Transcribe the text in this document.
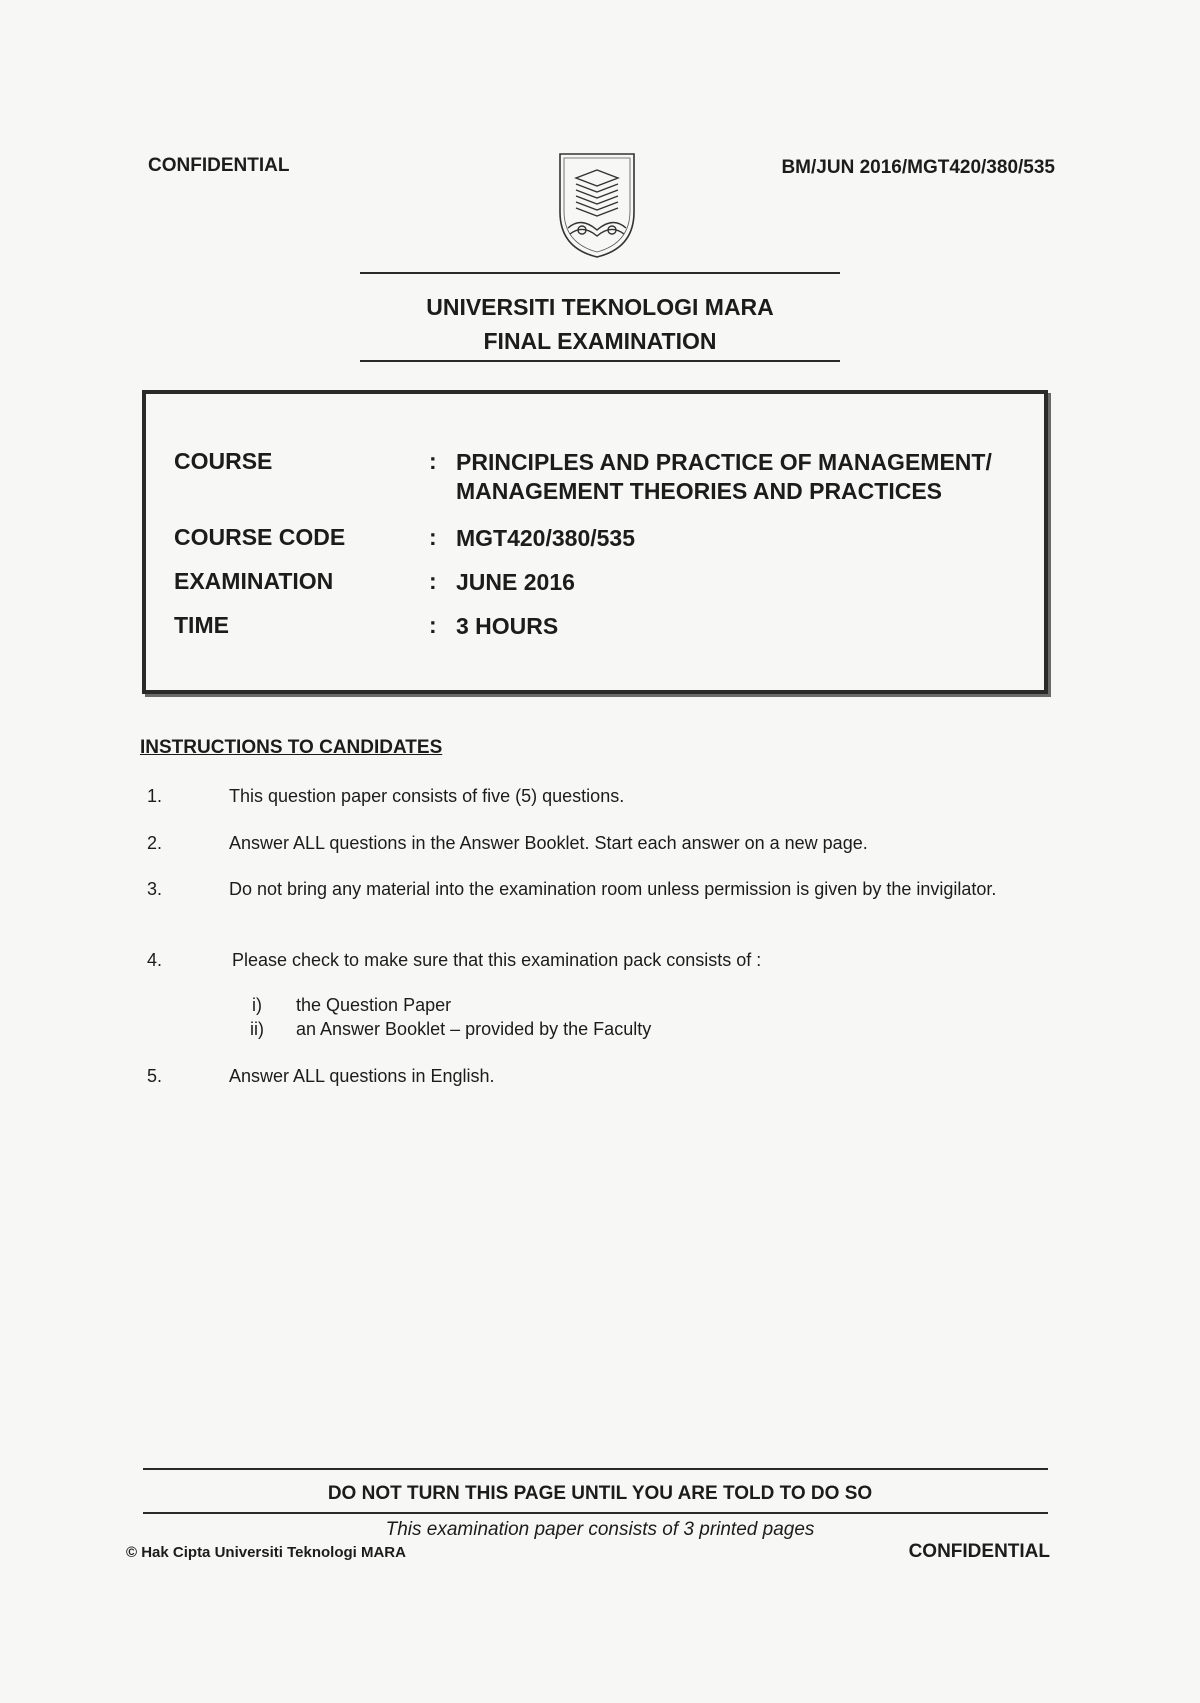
CONFIDENTIAL	BM/JUN 2016/MGT420/380/535
UNIVERSITI TEKNOLOGI MARA
FINAL EXAMINATION
COURSE	: PRINCIPLES AND PRACTICE OF MANAGEMENT/ MANAGEMENT THEORIES AND PRACTICES
COURSE CODE	: MGT420/380/535
EXAMINATION	: JUNE 2016
TIME	: 3 HOURS
INSTRUCTIONS TO CANDIDATES
1.	This question paper consists of five (5) questions.
2.	Answer ALL questions in the Answer Booklet. Start each answer on a new page.
3.	Do not bring any material into the examination room unless permission is given by the invigilator.
4.	Please check to make sure that this examination pack consists of :
i) the Question Paper
ii) an Answer Booklet – provided by the Faculty
5.	Answer ALL questions in English.
DO NOT TURN THIS PAGE UNTIL YOU ARE TOLD TO DO SO
This examination paper consists of 3 printed pages
© Hak Cipta Universiti Teknologi MARA	CONFIDENTIAL
